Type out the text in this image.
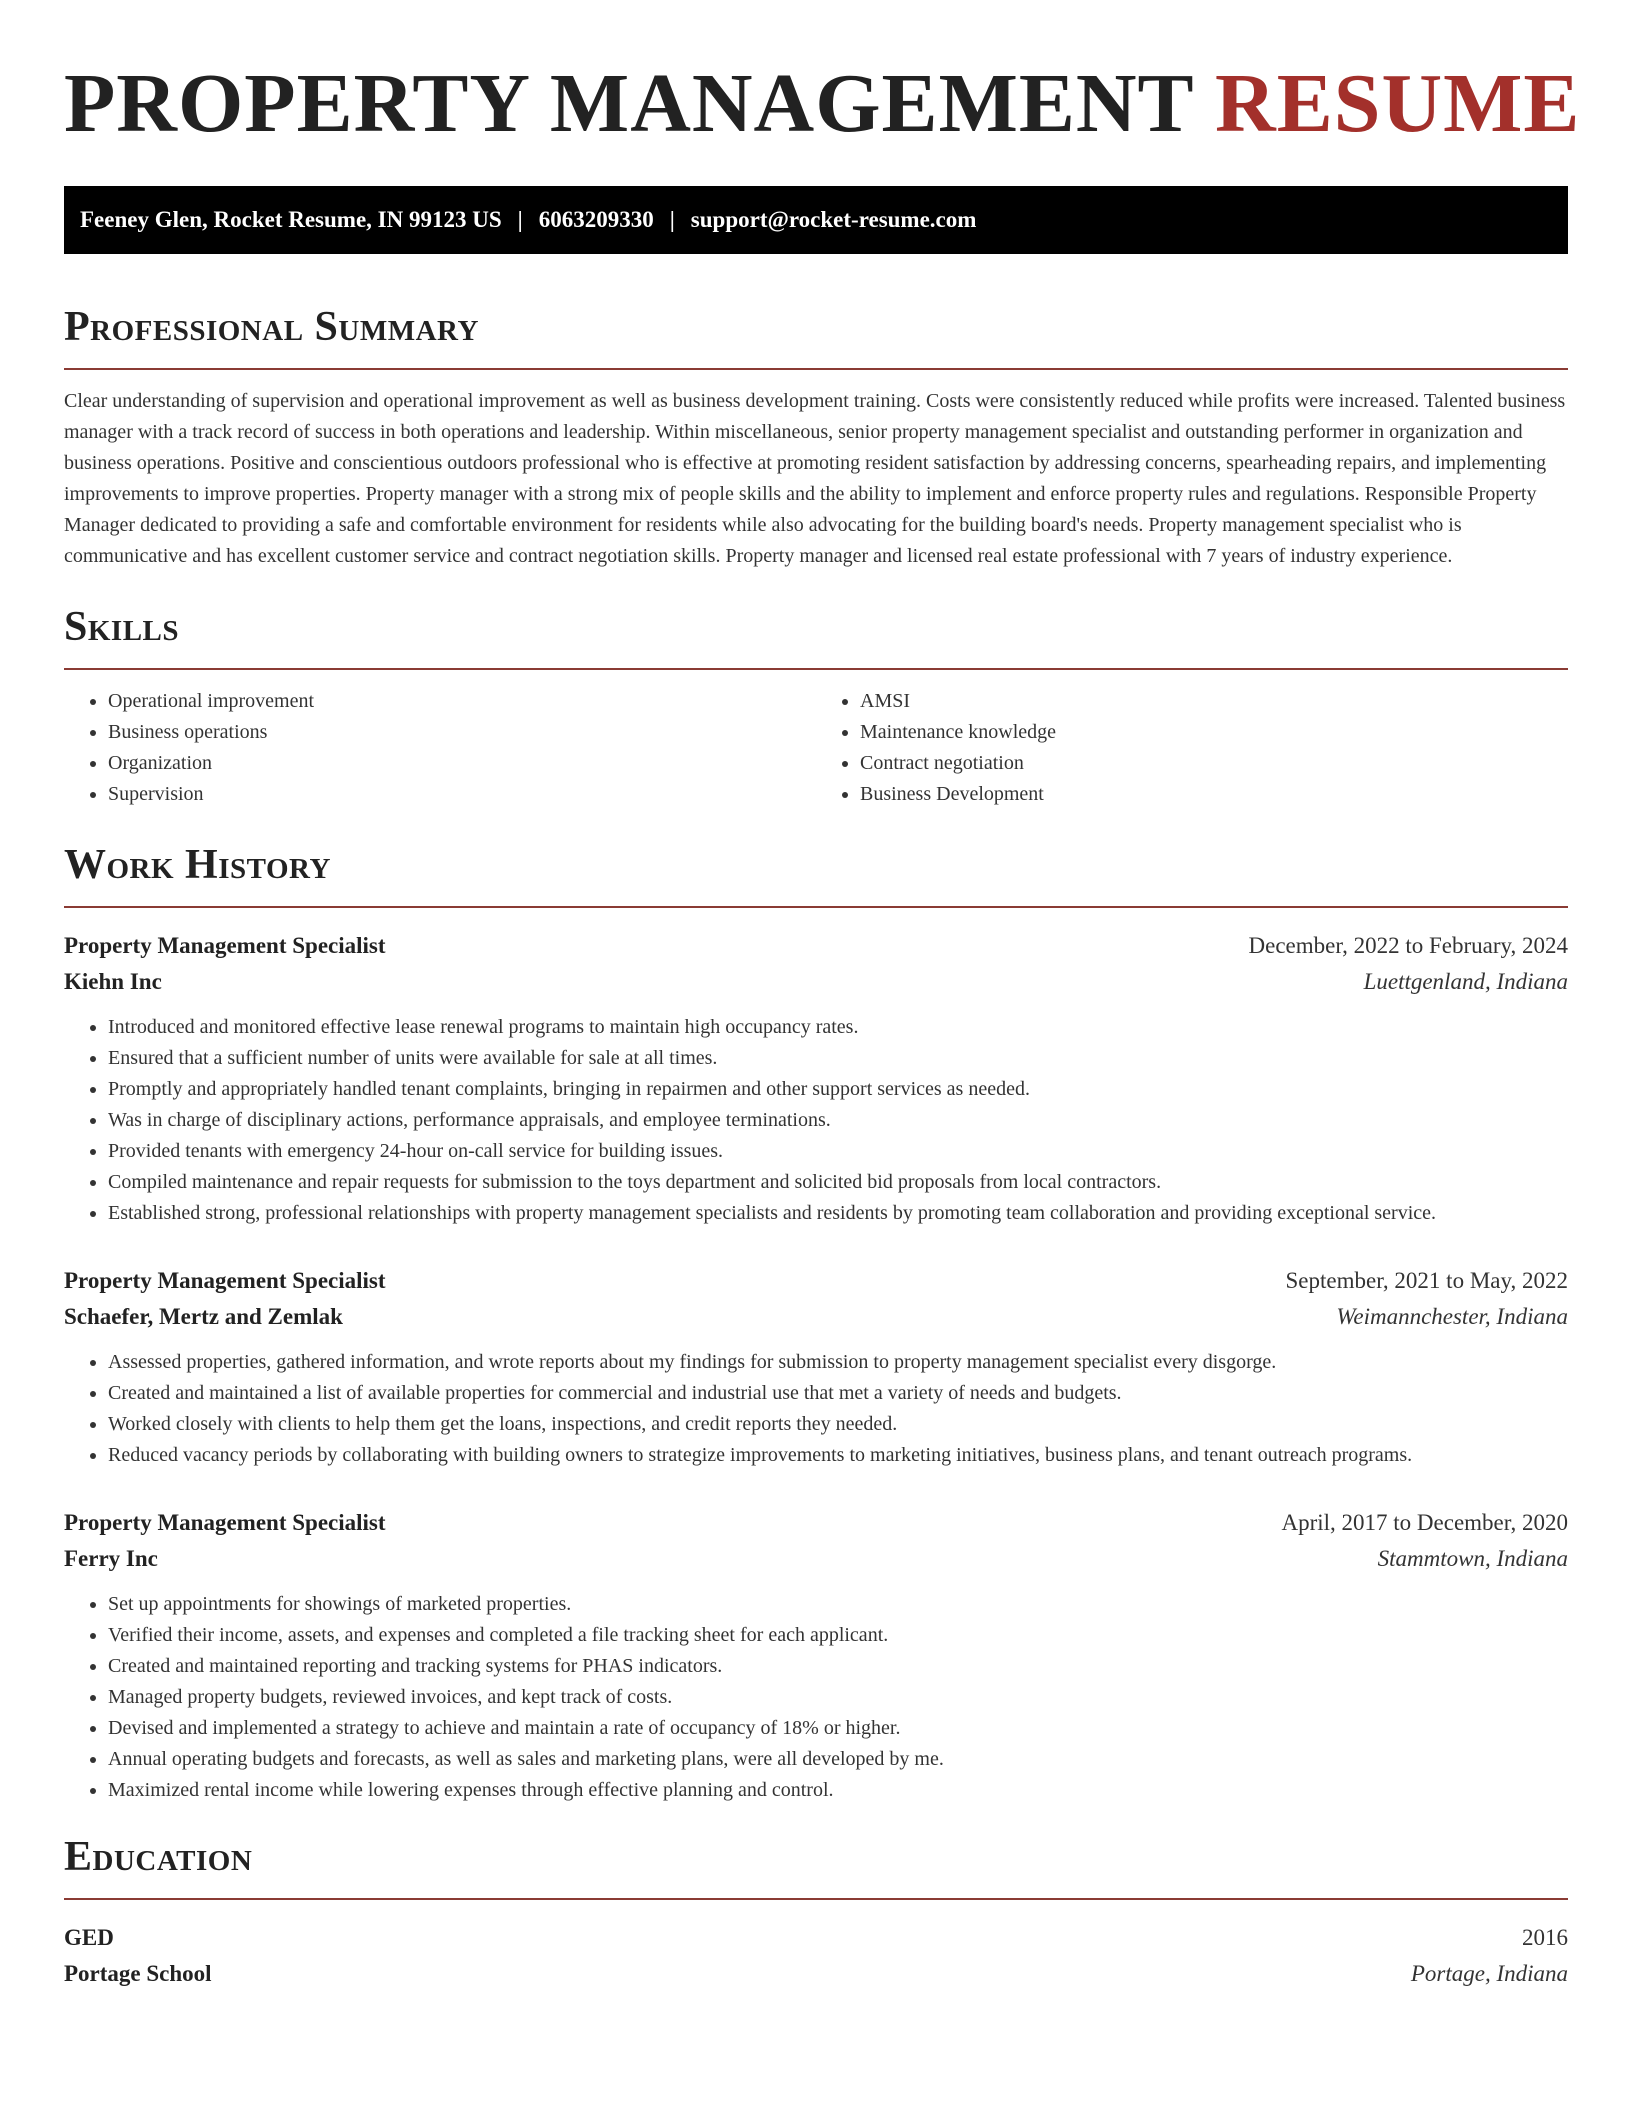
PROPERTY MANAGEMENT RESUME
Feeney Glen, Rocket Resume, IN 99123 US | 6063209330 | support@rocket-resume.com
Professional Summary

Clear understanding of supervision and operational improvement as well as business development training. Costs were consistently reduced while profits were increased. Talented business manager with a track record of success in both operations and leadership. Within miscellaneous, senior property management specialist and outstanding performer in organization and business operations. Positive and conscientious outdoors professional who is effective at promoting resident satisfaction by addressing concerns, spearheading repairs, and implementing improvements to improve properties. Property manager with a strong mix of people skills and the ability to implement and enforce property rules and regulations. Responsible Property Manager dedicated to providing a safe and comfortable environment for residents while also advocating for the building board's needs. Property management specialist who is communicative and has excellent customer service and contract negotiation skills. Property manager and licensed real estate professional with 7 years of industry experience.

Skills
• Operational improvement
• Business operations
• Organization
• Supervision
• AMSI
• Maintenance knowledge
• Contract negotiation
• Business Development
Work History
Property Management Specialist	December, 2022 to February, 2024
Kiehn Inc	Luettgenland, Indiana
• Introduced and monitored effective lease renewal programs to maintain high occupancy rates.
• Ensured that a sufficient number of units were available for sale at all times.
• Promptly and appropriately handled tenant complaints, bringing in repairmen and other support services as needed.
• Was in charge of disciplinary actions, performance appraisals, and employee terminations.
• Provided tenants with emergency 24-hour on-call service for building issues.
• Compiled maintenance and repair requests for submission to the toys department and solicited bid proposals from local contractors.
• Established strong, professional relationships with property management specialists and residents by promoting team collaboration and providing exceptional service.
Property Management Specialist	September, 2021 to May, 2022
Schaefer, Mertz and Zemlak	Weimannchester, Indiana
• Assessed properties, gathered information, and wrote reports about my findings for submission to property management specialist every disgorge.
• Created and maintained a list of available properties for commercial and industrial use that met a variety of needs and budgets.
• Worked closely with clients to help them get the loans, inspections, and credit reports they needed.
• Reduced vacancy periods by collaborating with building owners to strategize improvements to marketing initiatives, business plans, and tenant outreach programs.
Property Management Specialist	April, 2017 to December, 2020
Ferry Inc	Stammtown, Indiana
• Set up appointments for showings of marketed properties.
• Verified their income, assets, and expenses and completed a file tracking sheet for each applicant.
• Created and maintained reporting and tracking systems for PHAS indicators.
• Managed property budgets, reviewed invoices, and kept track of costs.
• Devised and implemented a strategy to achieve and maintain a rate of occupancy of 18% or higher.
• Annual operating budgets and forecasts, as well as sales and marketing plans, were all developed by me.
• Maximized rental income while lowering expenses through effective planning and control.
Education
GED	2016
Portage School	Portage, Indiana
